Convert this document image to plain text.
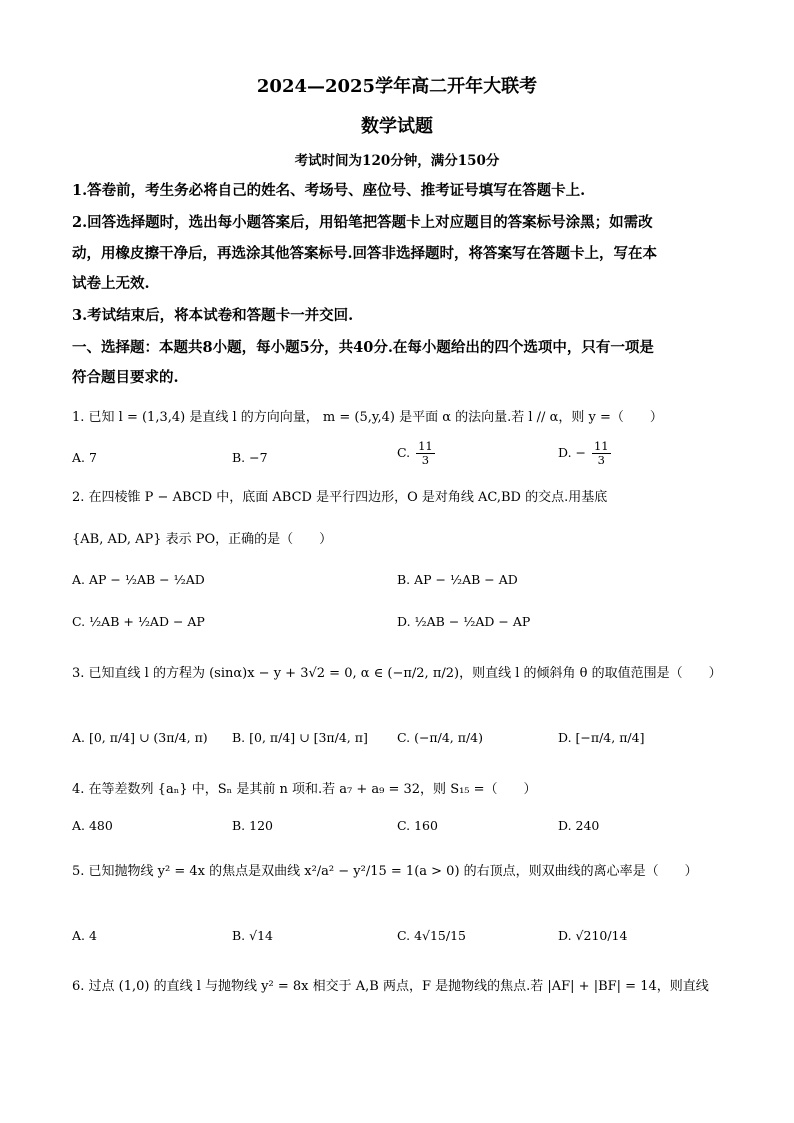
2024—2025学年高二开年大联考
数学试题
考试时间为120分钟，满分150分
1.答卷前，考生务必将自己的姓名、考场号、座位号、推考证号填写在答题卡上.
2.回答选择题时，选出每小题答案后，用铅笔把答题卡上对应题目的答案标号涂黑；如需改
动，用橡皮擦干净后，再选涂其他答案标号.回答非选择题时，将答案写在答题卡上，写在本
试卷上无效.
3.考试结束后，将本试卷和答题卡一并交回.
一、选择题：本题共8小题，每小题5分，共40分.在每小题给出的四个选项中，只有一项是
符合题目要求的.
1. 已知 l = (1,3,4) 是直线 l 的方向向量， m = (5,y,4) 是平面 α 的法向量.若 l // α，则 y =（　　）
A. 7	B. −7	C. $\frac{11}{3}$	D. − $\frac{11}{3}$
2. 在四棱锥 P − ABCD 中，底面 ABCD 是平行四边形，O 是对角线 AC,BD 的交点.用基底
{AB, AD, AP} 表示 PO，正确的是（　　）
A. AP − ½AB − ½AD	B. AP − ½AB − AD
C. ½AB + ½AD − AP	D. ½AB − ½AD − AP
3. 已知直线 l 的方程为 (sinα)x − y + 3√2 = 0, α ∈ (−π/2, π/2)，则直线 l 的倾斜角 θ 的取值范围是（　　）
A. [0, π/4] ∪ (3π/4, π) B. [0, π/4] ∪ [3π/4, π] C. (−π/4, π/4)	D. [−π/4, π/4]
4. 在等差数列 {aₙ} 中，Sₙ 是其前 n 项和.若 a₇ + a₉ = 32，则 S₁₅ =（　　）
A. 480	B. 120	C. 160	D. 240
5. 已知抛物线 y² = 4x 的焦点是双曲线 x²/a² − y²/15 = 1(a > 0) 的右顶点，则双曲线的离心率是（　　）
A. 4	B. √14	C. 4√15/15	D. √210/14
6. 过点 (1,0) 的直线 l 与抛物线 y² = 8x 相交于 A,B 两点，F 是抛物线的焦点.若 |AF| + |BF| = 14，则直线
